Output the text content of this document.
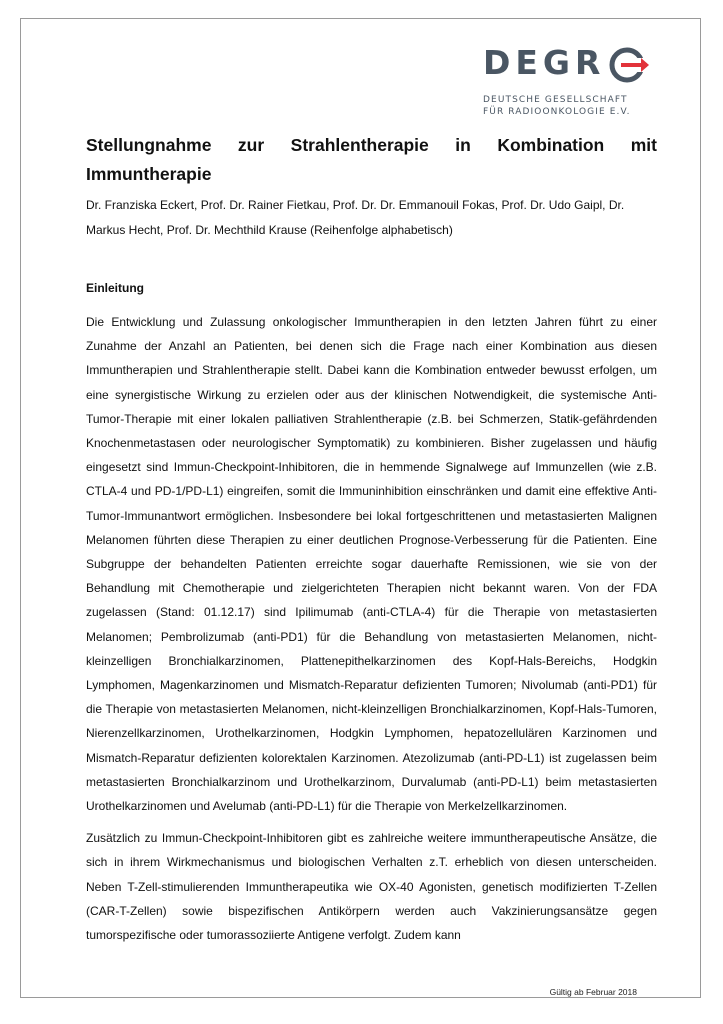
DEGR
DEUTSCHE GESELLSCHAFT
FÜR RADIOONKOLOGIE E.V.
Stellungnahme zur Strahlentherapie in Kombination mit Immuntherapie

Dr. Franziska Eckert, Prof. Dr. Rainer Fietkau, Prof. Dr. Dr. Emmanouil Fokas, Prof. Dr. Udo Gaipl, Dr. Markus Hecht, Prof. Dr. Mechthild Krause (Reihenfolge alphabetisch)

Einleitung

Die Entwicklung und Zulassung onkologischer Immuntherapien in den letzten Jahren führt zu einer Zunahme der Anzahl an Patienten, bei denen sich die Frage nach einer Kombination aus diesen Immuntherapien und Strahlentherapie stellt. Dabei kann die Kombination entweder bewusst erfolgen, um eine synergistische Wirkung zu erzielen oder aus der klinischen Notwendigkeit, die systemische Anti-Tumor-Therapie mit einer lokalen palliativen Strahlentherapie (z.B. bei Schmerzen, Statik-gefährdenden Knochenmetastasen oder neurologischer Symptomatik) zu kombinieren. Bisher zugelassen und häufig eingesetzt sind Immun-Checkpoint-Inhibitoren, die in hemmende Signalwege auf Immunzellen (wie z.B. CTLA-4 und PD-1/PD-L1) eingreifen, somit die Immuninhibition einschränken und damit eine effektive Anti-Tumor-Immunantwort ermöglichen. Insbesondere bei lokal fortgeschrittenen und metastasierten Malignen Melanomen führten diese Therapien zu einer deutlichen Prognose-Verbesserung für die Patienten. Eine Subgruppe der behandelten Patienten erreichte sogar dauerhafte Remissionen, wie sie von der Behandlung mit Chemotherapie und zielgerichteten Therapien nicht bekannt waren. Von der FDA zugelassen (Stand: 01.12.17) sind Ipilimumab (anti-CTLA-4) für die Therapie von metastasierten Melanomen; Pembrolizumab (anti-PD1) für die Behandlung von metastasierten Melanomen, nicht-kleinzelligen Bronchialkarzinomen, Plattenepithelkarzinomen des Kopf-Hals-Bereichs, Hodgkin Lymphomen, Magenkarzinomen und Mismatch-Reparatur defizienten Tumoren; Nivolumab (anti-PD1) für die Therapie von metastasierten Melanomen, nicht-kleinzelligen Bronchialkarzinomen, Kopf-Hals-Tumoren, Nierenzellkarzinomen, Urothelkarzinomen, Hodgkin Lymphomen, hepatozellulären Karzinomen und Mismatch-Reparatur defizienten kolorektalen Karzinomen. Atezolizumab (anti-PD-L1) ist zugelassen beim metastasierten Bronchialkarzinom und Urothelkarzinom, Durvalumab (anti-PD-L1) beim metastasierten Urothelkarzinomen und Avelumab (anti-PD-L1) für die Therapie von Merkelzellkarzinomen.

Zusätzlich zu Immun-Checkpoint-Inhibitoren gibt es zahlreiche weitere immuntherapeutische Ansätze, die sich in ihrem Wirkmechanismus und biologischen Verhalten z.T. erheblich von diesen unterscheiden. Neben T-Zell-stimulierenden Immuntherapeutika wie OX-40 Agonisten, genetisch modifizierten T-Zellen (CAR-T-Zellen) sowie bispezifischen Antikörpern werden auch Vakzinierungsansätze gegen tumorspezifische oder tumorassoziierte Antigene verfolgt. Zudem kann

Gültig ab Februar 2018
